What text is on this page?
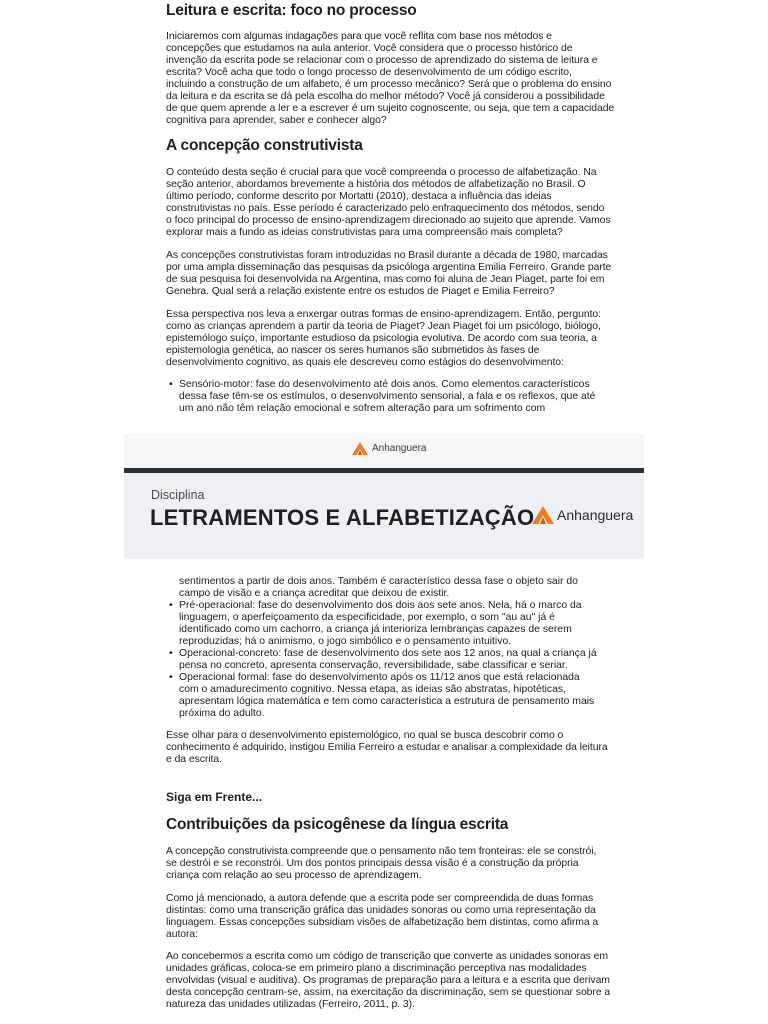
Leitura e escrita: foco no processo

Iniciaremos com algumas indagações para que você reflita com base nos métodos e

concepções que estudamos na aula anterior. Você considera que o processo histórico de

invenção da escrita pode se relacionar com o processo de aprendizado do sistema de leitura e

escrita? Você acha que todo o longo processo de desenvolvimento de um código escrito,

incluindo a construção de um alfabeto, é um processo mecânico? Será que o problema do ensino

da leitura e da escrita se dá pela escolha do melhor método? Você já considerou a possibilidade

de que quem aprende a ler e a escrever é um sujeito cognoscente, ou seja, que tem a capacidade

cognitiva para aprender, saber e conhecer algo?

A concepção construtivista

O conteúdo desta seção é crucial para que você compreenda o processo de alfabetização. Na

seção anterior, abordamos brevemente a história dos métodos de alfabetização no Brasil. O

último período, conforme descrito por Mortatti (2010), destaca a influência das ideias

construtivistas no país. Esse período é caracterizado pelo enfraquecimento dos métodos, sendo

o foco principal do processo de ensino-aprendizagem direcionado ao sujeito que aprende. Vamos

explorar mais a fundo as ideias construtivistas para uma compreensão mais completa?

As concepções construtivistas foram introduzidas no Brasil durante a década de 1980, marcadas

por uma ampla disseminação das pesquisas da psicóloga argentina Emilia Ferreiro. Grande parte

de sua pesquisa foi desenvolvida na Argentina, mas como foi aluna de Jean Piaget, parte foi em

Genebra. Qual será a relação existente entre os estudos de Piaget e Emilia Ferreiro?

Essa perspectiva nos leva a enxergar outras formas de ensino-aprendizagem. Então, pergunto:

como as crianças aprendem a partir da teoria de Piaget? Jean Piaget foi um psicólogo, biólogo,

epistemólogo suíço, importante estudioso da psicologia evolutiva. De acordo com sua teoria, a

epistemologia genética, ao nascer os seres humanos são submetidos às fases de

desenvolvimento cognitivo, as quais ele descreveu como estágios do desenvolvimento:

• Sensório-motor: fase do desenvolvimento até dois anos. Como elementos característicos
dessa fase têm-se os estímulos, o desenvolvimento sensorial, a fala e os reflexos, que até
um ano não têm relação emocional e sofrem alteração para um sofrimento com
Anhanguera
Disciplina
LETRAMENTOS E ALFABETIZAÇÃO Anhanguera
sentimentos a partir de dois anos. Também é característico dessa fase o objeto sair do
campo de visão e a criança acreditar que deixou de existir.
• Pré-operacional: fase do desenvolvimento dos dois aos sete anos. Nela, há o marco da
linguagem, o aperfeiçoamento da especificidade, por exemplo, o som "au au" já é
identificado como um cachorro, a criança já interioriza lembranças capazes de serem
reproduzidas; há o animismo, o jogo simbólico e o pensamento intuitivo.
• Operacional-concreto: fase de desenvolvimento dos sete aos 12 anos, na qual a criança já
pensa no concreto, apresenta conservação, reversibilidade, sabe classificar e seriar.
• Operacional formal: fase do desenvolvimento após os 11/12 anos que está relacionada
com o amadurecimento cognitivo. Nessa etapa, as ideias são abstratas, hipotéticas,
apresentam lógica matemática e tem como característica a estrutura de pensamento mais
próxima do adulto.

Esse olhar para o desenvolvimento epistemológico, no qual se busca descobrir como o

conhecimento é adquirido, instigou Emilia Ferreiro a estudar e analisar a complexidade da leitura

e da escrita.

Siga em Frente...
Contribuições da psicogênese da língua escrita

A concepção construtivista compreende que o pensamento não tem fronteiras: ele se constrói,

se destrói e se reconstrói. Um dos pontos principais dessa visão é a construção da própria

criança com relação ao seu processo de aprendizagem.

Como já mencionado, a autora defende que a escrita pode ser compreendida de duas formas

distintas: como uma transcrição gráfica das unidades sonoras ou como uma representação da

linguagem. Essas concepções subsidiam visões de alfabetização bem distintas, como afirma a

autora:

Ao concebermos a escrita como um código de transcrição que converte as unidades sonoras em

unidades gráficas, coloca-se em primeiro plano a discriminação perceptiva nas modalidades

envolvidas (visual e auditiva). Os programas de preparação para a leitura e a escrita que derivam

desta concepção centram-se, assim, na exercitação da discriminação, sem se questionar sobre a

natureza das unidades utilizadas (Ferreiro, 2011, p. 3).
